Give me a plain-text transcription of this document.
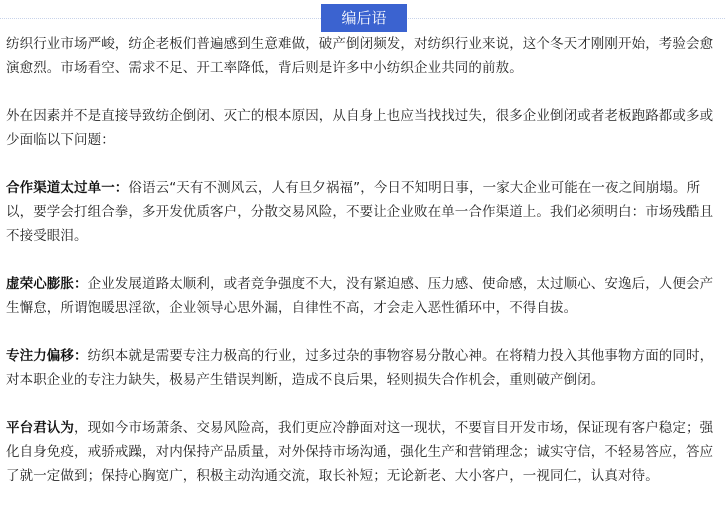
编后语

纺织行业市场严峻，纺企老板们普遍感到生意难做，破产倒闭频发，对纺织行业来说，这个冬天才刚刚开始，考验会愈演愈烈。市场看空、需求不足、开工率降低，背后则是许多中小纺织企业共同的前敖。

外在因素并不是直接导致纺企倒闭、灭亡的根本原因，从自身上也应当找找过失，很多企业倒闭或者老板跑路都或多或少面临以下问题：

合作渠道太过单一：俗语云“天有不测风云，人有旦夕祸福”，今日不知明日事，一家大企业可能在一夜之间崩塌。所以，要学会打组合拳，多开发优质客户，分散交易风险，不要让企业败在单一合作渠道上。我们必须明白：市场残酷且不接受眼泪。

虚荣心膨胀：企业发展道路太顺利，或者竞争强度不大，没有紧迫感、压力感、使命感，太过顺心、安逸后，人便会产生懈怠，所谓饱暖思淫欲，企业领导心思外漏，自律性不高，才会走入恶性循环中，不得自拔。

专注力偏移：纺织本就是需要专注力极高的行业，过多过杂的事物容易分散心神。在将精力投入其他事物方面的同时，对本职企业的专注力缺失，极易产生错误判断，造成不良后果，轻则损失合作机会，重则破产倒闭。

平台君认为，现如今市场萧条、交易风险高，我们更应冷静面对这一现状，不要盲目开发市场，保证现有客户稳定；强化自身免疫，戒骄戒躁，对内保持产品质量，对外保持市场沟通，强化生产和营销理念；诚实守信，不轻易答应，答应了就一定做到；保持心胸宽广，积极主动沟通交流，取长补短；无论新老、大小客户，一视同仁，认真对待。
